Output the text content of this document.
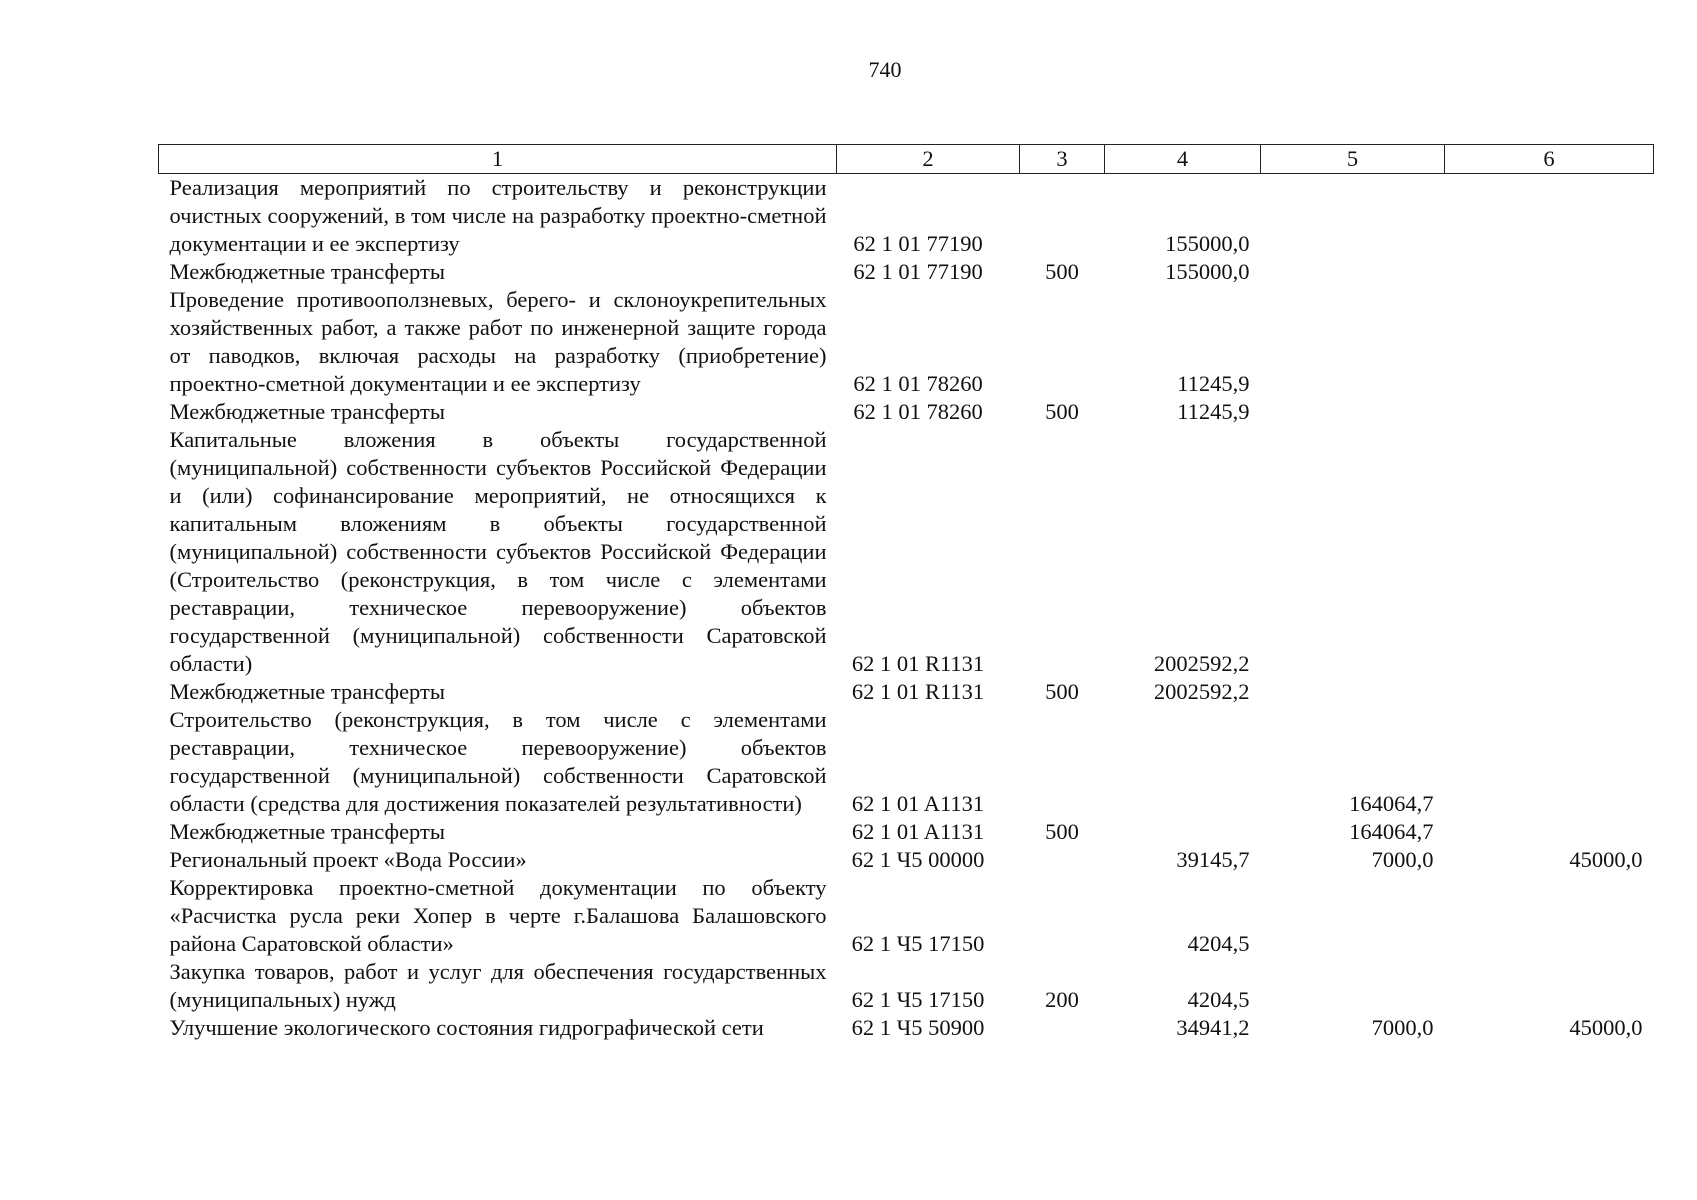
740
1	2	3	4	5	6
Реализация мероприятий по строительству и реконструкции очистных сооружений, в том числе на разработку проектно-сметной документации и ее экспертизу	62 1 01 77190		155000,0		
Межбюджетные трансферты	62 1 01 77190	500	155000,0		
Проведение противооползневых, берего- и склоноукрепительных хозяйственных работ, а также работ по инженерной защите города от паводков, включая расходы на разработку (приобретение) проектно-сметной документации и ее экспертизу	62 1 01 78260		11245,9		
Межбюджетные трансферты	62 1 01 78260	500	11245,9		
Капитальные вложения в объекты государственной (муниципальной) собственности субъектов Российской Федерации и (или) софинансирование мероприятий, не относящихся к капитальным вложениям в объекты государственной (муниципальной) собственности субъектов Российской Федерации (Строительство (реконструкция, в том числе с элементами реставрации, техническое перевооружение) объектов государственной (муниципальной) собственности Саратовской области)	62 1 01 R1131		2002592,2		
Межбюджетные трансферты	62 1 01 R1131	500	2002592,2		
Строительство (реконструкция, в том числе с элементами реставрации, техническое перевооружение) объектов государственной (муниципальной) собственности Саратовской области (средства для достижения показателей результативности)	62 1 01 A1131			164064,7	
Межбюджетные трансферты	62 1 01 A1131	500		164064,7	
Региональный проект «Вода России»	62 1 Ч5 00000		39145,7	7000,0	45000,0
Корректировка проектно-сметной документации по объекту «Расчистка русла реки Хопер в черте г.Балашова Балашовского района Саратовской области»	62 1 Ч5 17150		4204,5		
Закупка товаров, работ и услуг для обеспечения государственных (муниципальных) нужд	62 1 Ч5 17150	200	4204,5		
Улучшение экологического состояния гидрографической сети	62 1 Ч5 50900		34941,2	7000,0	45000,0
